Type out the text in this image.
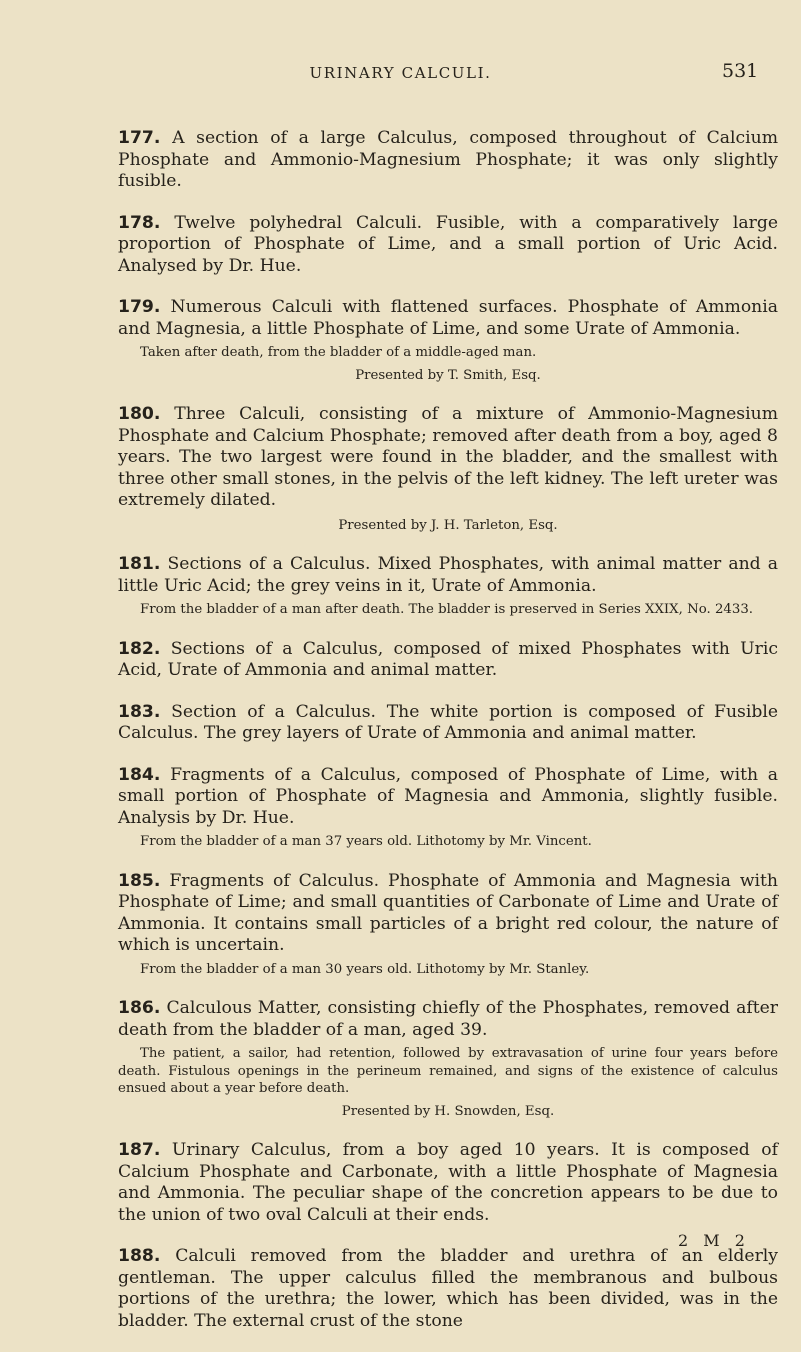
URINARY CALCULI.	531

177. A section of a large Calculus, composed throughout of Calcium Phosphate and Ammonio-Magnesium Phosphate; it was only slightly fusible.

178. Twelve polyhedral Calculi. Fusible, with a comparatively large proportion of Phosphate of Lime, and a small portion of Uric Acid. Analysed by Dr. Hue.

179. Numerous Calculi with flattened surfaces. Phosphate of Ammonia and Magnesia, a little Phosphate of Lime, and some Urate of Ammonia.

Taken after death, from the bladder of a middle-aged man.

Presented by T. Smith, Esq.

180. Three Calculi, consisting of a mixture of Ammonio-Magnesium Phosphate and Calcium Phosphate; removed after death from a boy, aged 8 years. The two largest were found in the bladder, and the smallest with three other small stones, in the pelvis of the left kidney. The left ureter was extremely dilated.

Presented by J. H. Tarleton, Esq.

181. Sections of a Calculus. Mixed Phosphates, with animal matter and a little Uric Acid; the grey veins in it, Urate of Ammonia.

From the bladder of a man after death. The bladder is preserved in Series XXIX, No. 2433.

182. Sections of a Calculus, composed of mixed Phosphates with Uric Acid, Urate of Ammonia and animal matter.

183. Section of a Calculus. The white portion is composed of Fusible Calculus. The grey layers of Urate of Ammonia and animal matter.

184. Fragments of a Calculus, composed of Phosphate of Lime, with a small portion of Phosphate of Magnesia and Ammonia, slightly fusible. Analysis by Dr. Hue.

From the bladder of a man 37 years old. Lithotomy by Mr. Vincent.

185. Fragments of Calculus. Phosphate of Ammonia and Magnesia with Phosphate of Lime; and small quantities of Carbonate of Lime and Urate of Ammonia. It contains small particles of a bright red colour, the nature of which is uncertain.

From the bladder of a man 30 years old. Lithotomy by Mr. Stanley.

186. Calculous Matter, consisting chiefly of the Phosphates, removed after death from the bladder of a man, aged 39.

The patient, a sailor, had retention, followed by extravasation of urine four years before death. Fistulous openings in the perineum remained, and signs of the existence of calculus ensued about a year before death.

Presented by H. Snowden, Esq.

187. Urinary Calculus, from a boy aged 10 years. It is composed of Calcium Phosphate and Carbonate, with a little Phosphate of Magnesia and Ammonia. The peculiar shape of the concretion appears to be due to the union of two oval Calculi at their ends.

188. Calculi removed from the bladder and urethra of an elderly gentleman. The upper calculus filled the membranous and bulbous portions of the urethra; the lower, which has been divided, was in the bladder. The external crust of the stone

2 M 2
